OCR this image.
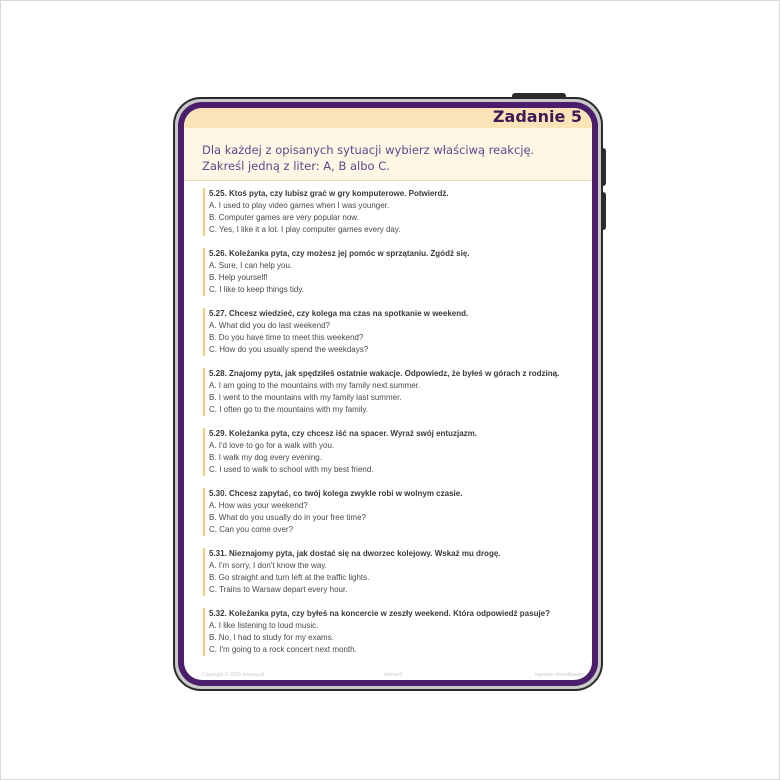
Zadanie 5
Dla każdej z opisanych sytuacji wybierz właściwą reakcję.
Zakreśl jedną z liter: A, B albo C.
5.25. Ktoś pyta, czy lubisz grać w gry komputerowe. Potwierdź.
A. I used to play video games when I was younger.
B. Computer games are very popular now.
C. Yes, I like it a lot. I play computer games every day.
5.26. Koleżanka pyta, czy możesz jej pomóc w sprzątaniu. Zgódź się.
A. Sure, I can help you.
B. Help yourself!
C. I like to keep things tidy.
5.27. Chcesz wiedzieć, czy kolega ma czas na spotkanie w weekend.
A. What did you do last weekend?
B. Do you have time to meet this weekend?
C. How do you usually spend the weekdays?
5.28. Znajomy pyta, jak spędziłeś ostatnie wakacje. Odpowiedz, że byłeś w górach z rodziną.
A. I am going to the mountains with my family next summer.
B. I went to the mountains with my family last summer.
C. I often go to the mountains with my family.
5.29. Koleżanka pyta, czy chcesz iść na spacer. Wyraź swój entuzjazm.
A. I'd love to go for a walk with you.
B. I walk my dog every evening.
C. I used to walk to school with my best friend.
5.30. Chcesz zapytać, co twój kolega zwykle robi w wolnym czasie.
A. How was your weekend?
B. What do you usually do in your free time?
C. Can you come over?
5.31. Nieznajomy pyta, jak dostać się na dworzec kolejowy. Wskaż mu drogę.
A. I'm sorry, I don't know the way.
B. Go straight and turn left at the traffic lights.
C. Trains to Warsaw depart every hour.
5.32. Koleżanka pyta, czy byłeś na koncercie w zeszły weekend. Która odpowiedź pasuje?
A. I like listening to loud music.
B. No, I had to study for my exams.
C. I'm going to a rock concert next month.
Copyright © 2025 anunsa.pl	strona 8	egzamin ósmoklasisty
